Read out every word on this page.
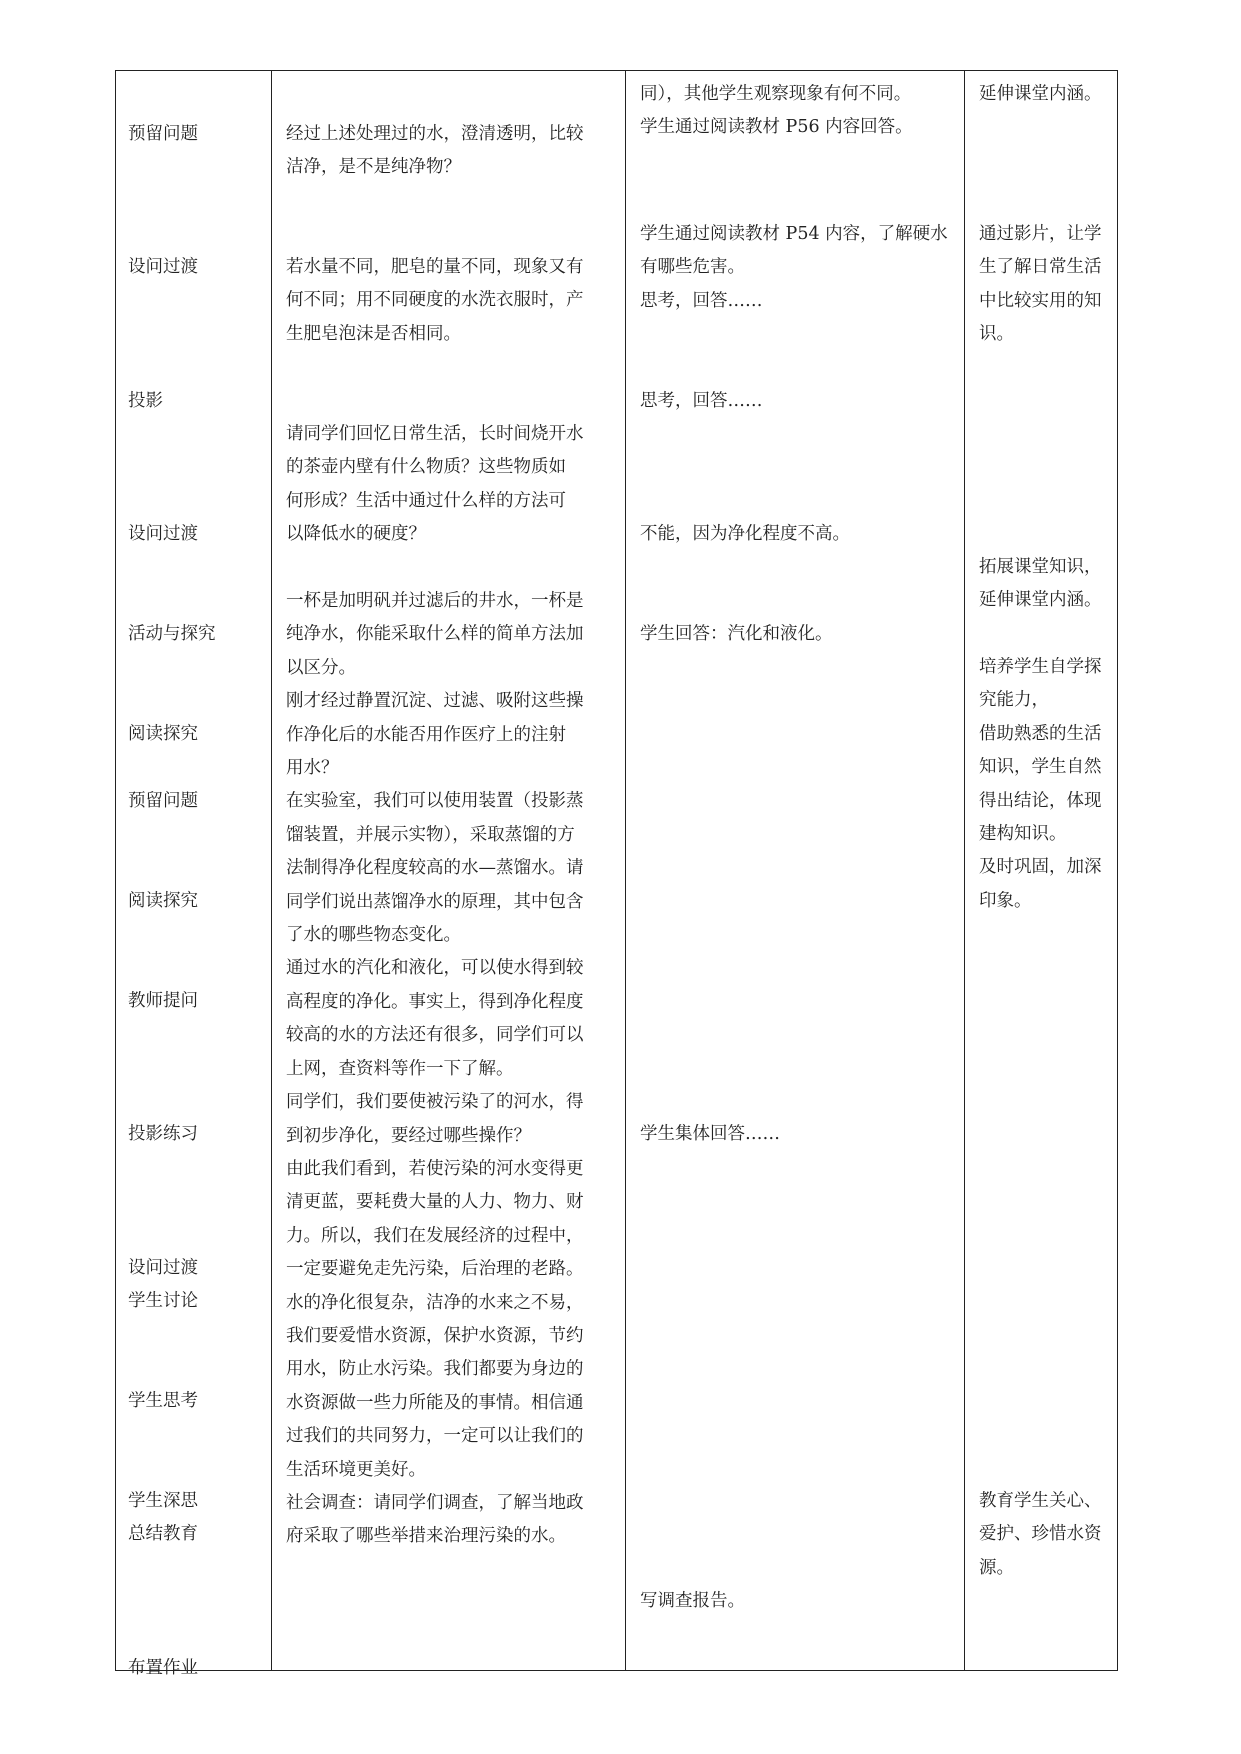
预留问题
设问过渡
投影
设问过渡
活动与探究
阅读探究
预留问题
阅读探究
教师提问
投影练习
设问过渡
学生讨论
学生思考
学生深思
总结教育
布置作业
经过上述处理过的水，澄清透明，比较
洁净，是不是纯净物？
若水量不同，肥皂的量不同，现象又有
何不同；用不同硬度的水洗衣服时，产
生肥皂泡沫是否相同。
请同学们回忆日常生活，长时间烧开水
的茶壶内壁有什么物质？这些物质如
何形成？生活中通过什么样的方法可
以降低水的硬度？
一杯是加明矾并过滤后的井水，一杯是
纯净水，你能采取什么样的简单方法加
以区分。
刚才经过静置沉淀、过滤、吸附这些操
作净化后的水能否用作医疗上的注射
用水？
在实验室，我们可以使用装置（投影蒸
馏装置，并展示实物），采取蒸馏的方
法制得净化程度较高的水—蒸馏水。请
同学们说出蒸馏净水的原理，其中包含
了水的哪些物态变化。
通过水的汽化和液化，可以使水得到较
高程度的净化。事实上，得到净化程度
较高的水的方法还有很多，同学们可以
上网，查资料等作一下了解。
同学们，我们要使被污染了的河水，得
到初步净化，要经过哪些操作？
由此我们看到，若使污染的河水变得更
清更蓝，要耗费大量的人力、物力、财
力。所以，我们在发展经济的过程中，
一定要避免走先污染，后治理的老路。
水的净化很复杂，洁净的水来之不易，
我们要爱惜水资源，保护水资源，节约
用水，防止水污染。我们都要为身边的
水资源做一些力所能及的事情。相信通
过我们的共同努力，一定可以让我们的
生活环境更美好。
社会调查：请同学们调查，了解当地政
府采取了哪些举措来治理污染的水。
同），其他学生观察现象有何不同。
学生通过阅读教材 P56 内容回答。
学生通过阅读教材 P54 内容，了解硬水
有哪些危害。
思考，回答……
思考，回答……
不能，因为净化程度不高。
学生回答：汽化和液化。
学生集体回答……
写调查报告。
延伸课堂内涵。
通过影片，让学
生了解日常生活
中比较实用的知
识。
拓展课堂知识，
延伸课堂内涵。
培养学生自学探
究能力，
借助熟悉的生活
知识，学生自然
得出结论，体现
建构知识。
及时巩固，加深
印象。
教育学生关心、
爱护、珍惜水资
源。
